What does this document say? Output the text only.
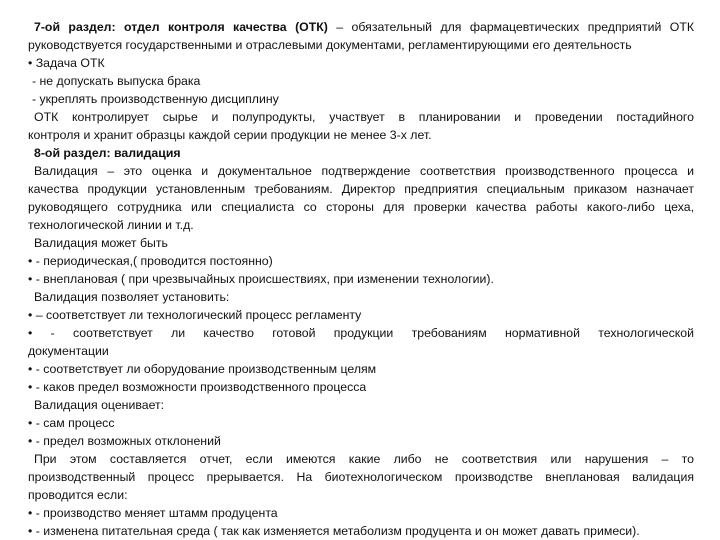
7-ой раздел: отдел контроля качества (ОТК) – обязательный для фармацевтических предприятий ОТК
руководствуется государственными и отраслевыми документами, регламентирующими его деятельность
• Задача ОТК
- не допускать выпуска брака
- укреплять производственную дисциплину
ОТК контролирует сырье и полупродукты, участвует в планировании и проведении постадийного
контроля и хранит образцы каждой серии продукции не менее 3-х лет.
8-ой раздел: валидация
Валидация – это оценка и документальное подтверждение соответствия производственного процесса и
качества продукции установленным требованиям. Директор предприятия специальным приказом назначает
руководящего сотрудника или специалиста со стороны для проверки качества работы какого-либо цеха,
технологической линии и т.д.
Валидация может быть
• - периодическая,( проводится постоянно)
• - внеплановая ( при чрезвычайных происшествиях, при изменении технологии).
Валидация позволяет установить:
• – соответствует ли технологический процесс регламенту
• - соответствует ли качество готовой продукции требованиям нормативной технологической
документации
• - соответствует ли оборудование производственным целям
• - каков предел возможности производственного процесса
Валидация оценивает:
• - сам процесс
• - предел возможных отклонений
При этом составляется отчет, если имеются какие либо не соответствия или нарушения – то
производственный процесс прерывается. На биотехнологическом производстве внеплановая валидация
проводится если:
• - производство меняет штамм продуцента
• - изменена питательная среда ( так как изменяется метаболизм продуцента и он может давать примеси).
